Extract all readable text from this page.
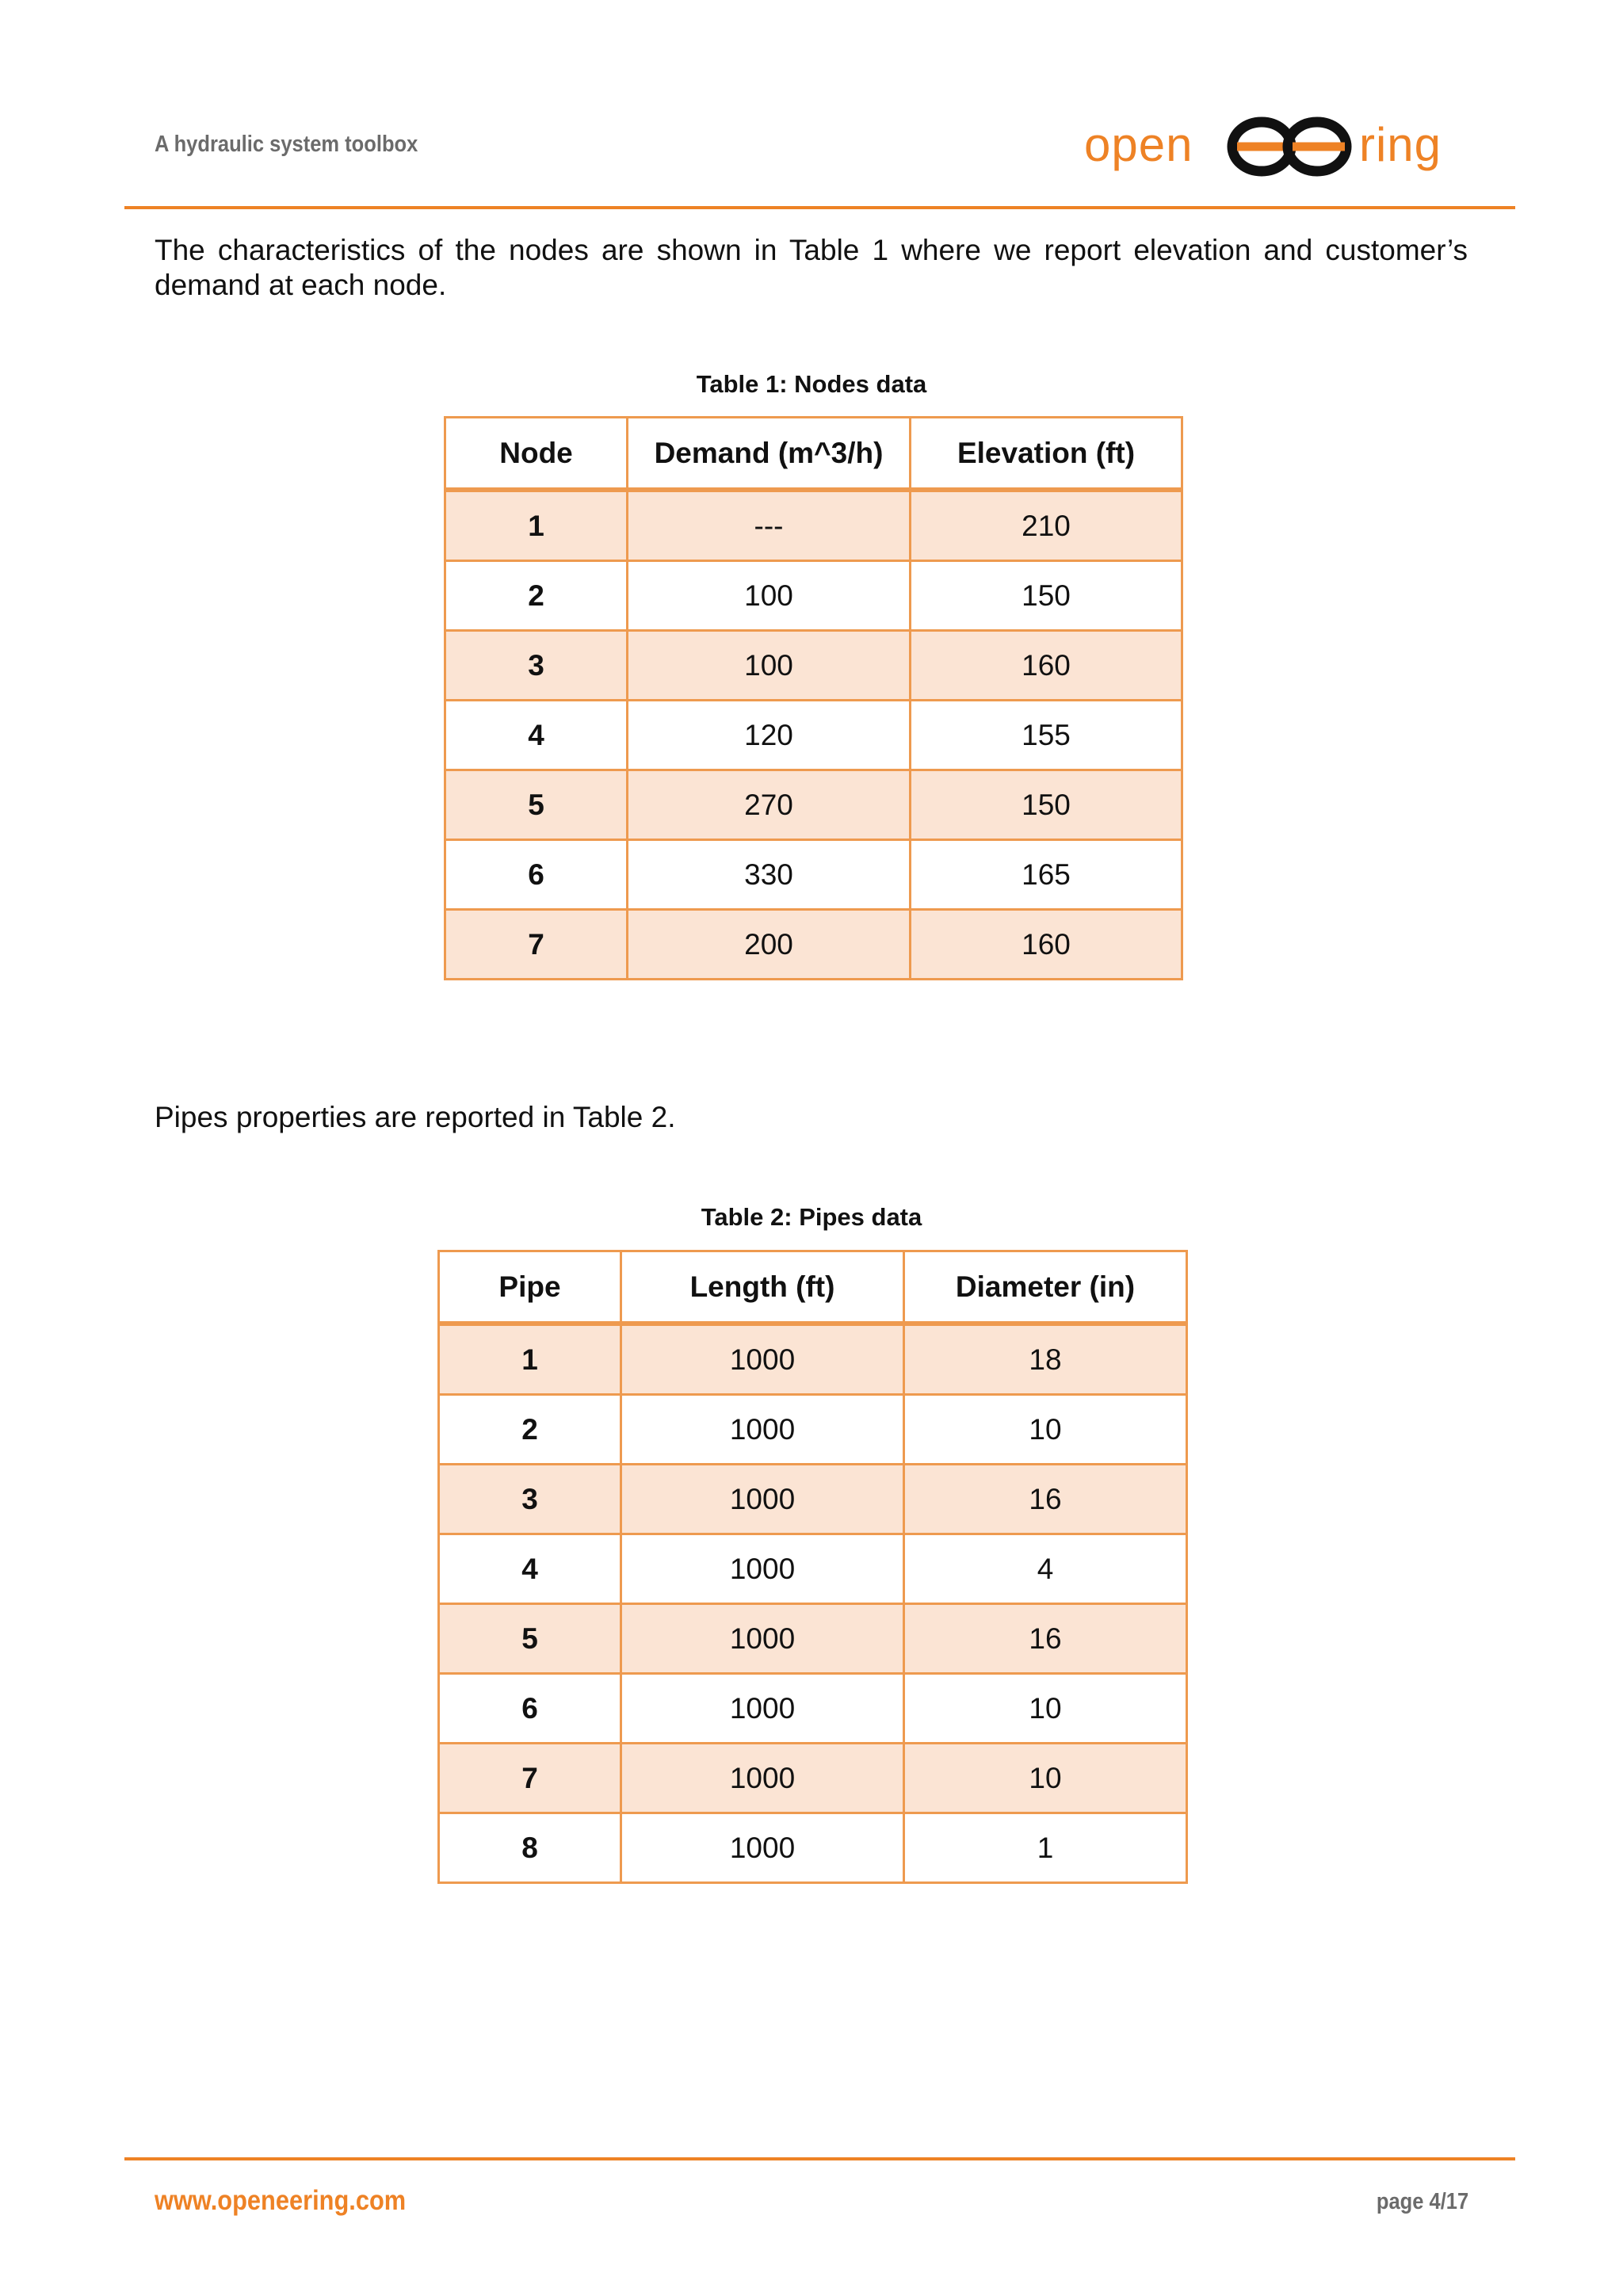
A hydraulic system toolbox	open	ring
The characteristics of the nodes are shown in Table 1 where we report elevation and customer’s demand at each node.
Table 1: Nodes data
Node	Demand (m^3/h)	Elevation (ft)
1	---	210
2	100	150
3	100	160
4	120	155
5	270	150
6	330	165
7	200	160
Pipes properties are reported in Table 2.
Table 2: Pipes data
Pipe	Length (ft)	Diameter (in)
1	1000	18
2	1000	10
3	1000	16
4	1000	4
5	1000	16
6	1000	10
7	1000	10
8	1000	1
www.openeering.com	page 4/17
